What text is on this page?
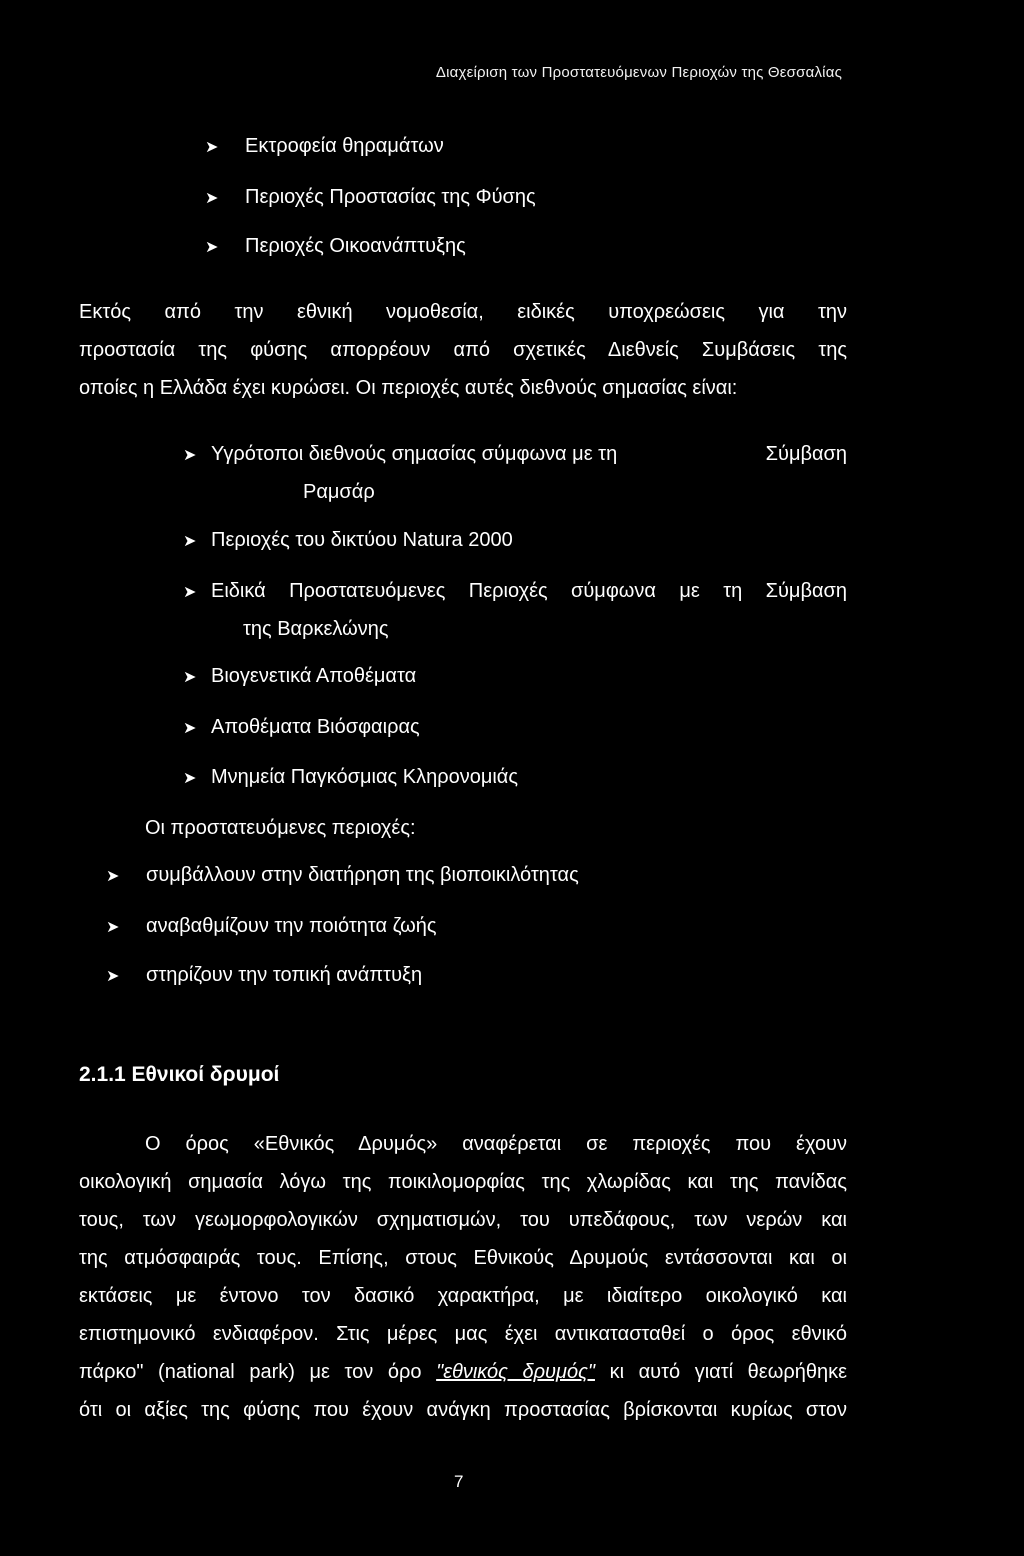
Διαχείριση των Προστατευόμενων Περιοχών της Θεσσαλίας
➤	Εκτροφεία θηραμάτων
➤	Περιοχές Προστασίας της Φύσης
➤	Περιοχές Οικοανάπτυξης
Εκτός από την εθνική νομοθεσία, ειδικές υποχρεώσεις για την
προστασία της φύσης απορρέουν από σχετικές Διεθνείς Συμβάσεις της
οποίες η Ελλάδα έχει κυρώσει. Οι περιοχές αυτές διεθνούς σημασίας είναι:
➤ Υγρότοποι διεθνούς σημασίας σύμφωνα με τη	Σύμβαση
Ραμσάρ
➤ Περιοχές του δικτύου Natura 2000
➤ Ειδικά Προστατευόμενες Περιοχές σύμφωνα με τη Σύμβαση
της Βαρκελώνης
➤ Βιογενετικά Αποθέματα
➤ Αποθέματα Βιόσφαιρας
➤ Μνημεία Παγκόσμιας Κληρονομιάς
Οι προστατευόμενες περιοχές:
➤	συμβάλλουν στην διατήρηση της βιοποικιλότητας
➤	αναβαθμίζουν την ποιότητα ζωής
➤	στηρίζουν την τοπική ανάπτυξη
2.1.1 Εθνικοί δρυμοί
Ο όρος «Εθνικός Δρυμός» αναφέρεται σε περιοχές που έχουν
οικολογική σημασία λόγω της ποικιλομορφίας της χλωρίδας και της πανίδας
τους, των γεωμορφολογικών σχηματισμών, του υπεδάφους, των νερών και
της ατμόσφαιράς τους. Επίσης, στους Εθνικούς Δρυμούς εντάσσονται και οι
εκτάσεις με έντονο τον δασικό χαρακτήρα, με ιδιαίτερο οικολογικό και
επιστημονικό ενδιαφέρον. Στις μέρες μας έχει αντικατασταθεί ο όρος εθνικό
πάρκο" (national park) με τον όρο "εθνικός δρυμός" κι αυτό γιατί θεωρήθηκε
ότι οι αξίες της φύσης που έχουν ανάγκη προστασίας βρίσκονται κυρίως στον
7
